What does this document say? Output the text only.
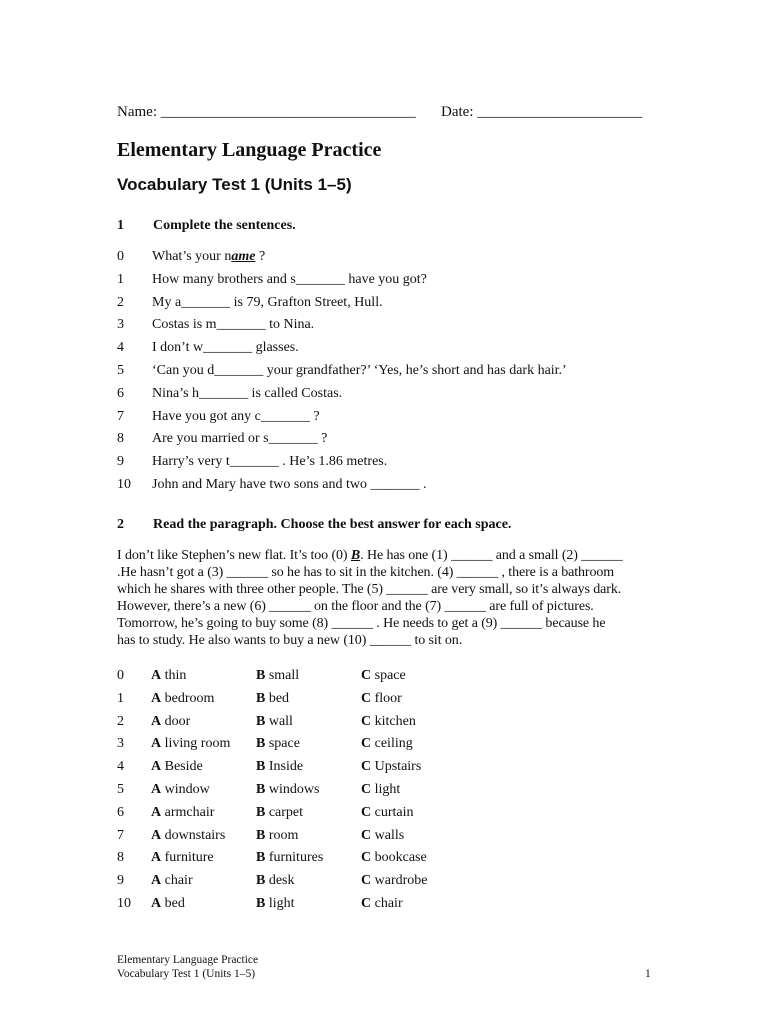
Name: __________________________________ Date: ______________________
Elementary Language Practice
Vocabulary Test 1 (Units 1–5)
1 Complete the sentences.
0 What’s your name ?
1 How many brothers and s_______ have you got?
2 My a_______ is 79, Grafton Street, Hull.
3 Costas is m_______ to Nina.
4 I don’t w_______ glasses.
5 ‘Can you d_______ your grandfather?’ ‘Yes, he’s short and has dark hair.’
6 Nina’s h_______ is called Costas.
7 Have you got any c_______ ?
8 Are you married or s_______ ?
9 Harry’s very t_______ . He’s 1.86 metres.
10 John and Mary have two sons and two _______ .
2 Read the paragraph. Choose the best answer for each space.
I don’t like Stephen’s new flat. It’s too (0) B. He has one (1) ______ and a small (2) ______ .He hasn’t got a (3) ______ so he has to sit in the kitchen. (4) ______ , there is a bathroom which he shares with three other people. The (5) ______ are very small, so it’s always dark. However, there’s a new (6) ______ on the floor and the (7) ______ are full of pictures. Tomorrow, he’s going to buy some (8) ______ . He needs to get a (9) ______ because he has to study. He also wants to buy a new (10) ______ to sit on.
0 A thin	B small	C space
1 A bedroom	B bed	C floor
2 A door	B wall	C kitchen
3 A living room B space	C ceiling
4 A Beside	B Inside	C Upstairs
5 A window	B windows	C light
6 A armchair	B carpet	C curtain
7 A downstairs B room	C walls
8 A furniture	B furnitures	C bookcase
9 A chair	B desk	C wardrobe
10 A bed	B light	C chair
Elementary Language Practice
Vocabulary Test 1 (Units 1–5)	1
